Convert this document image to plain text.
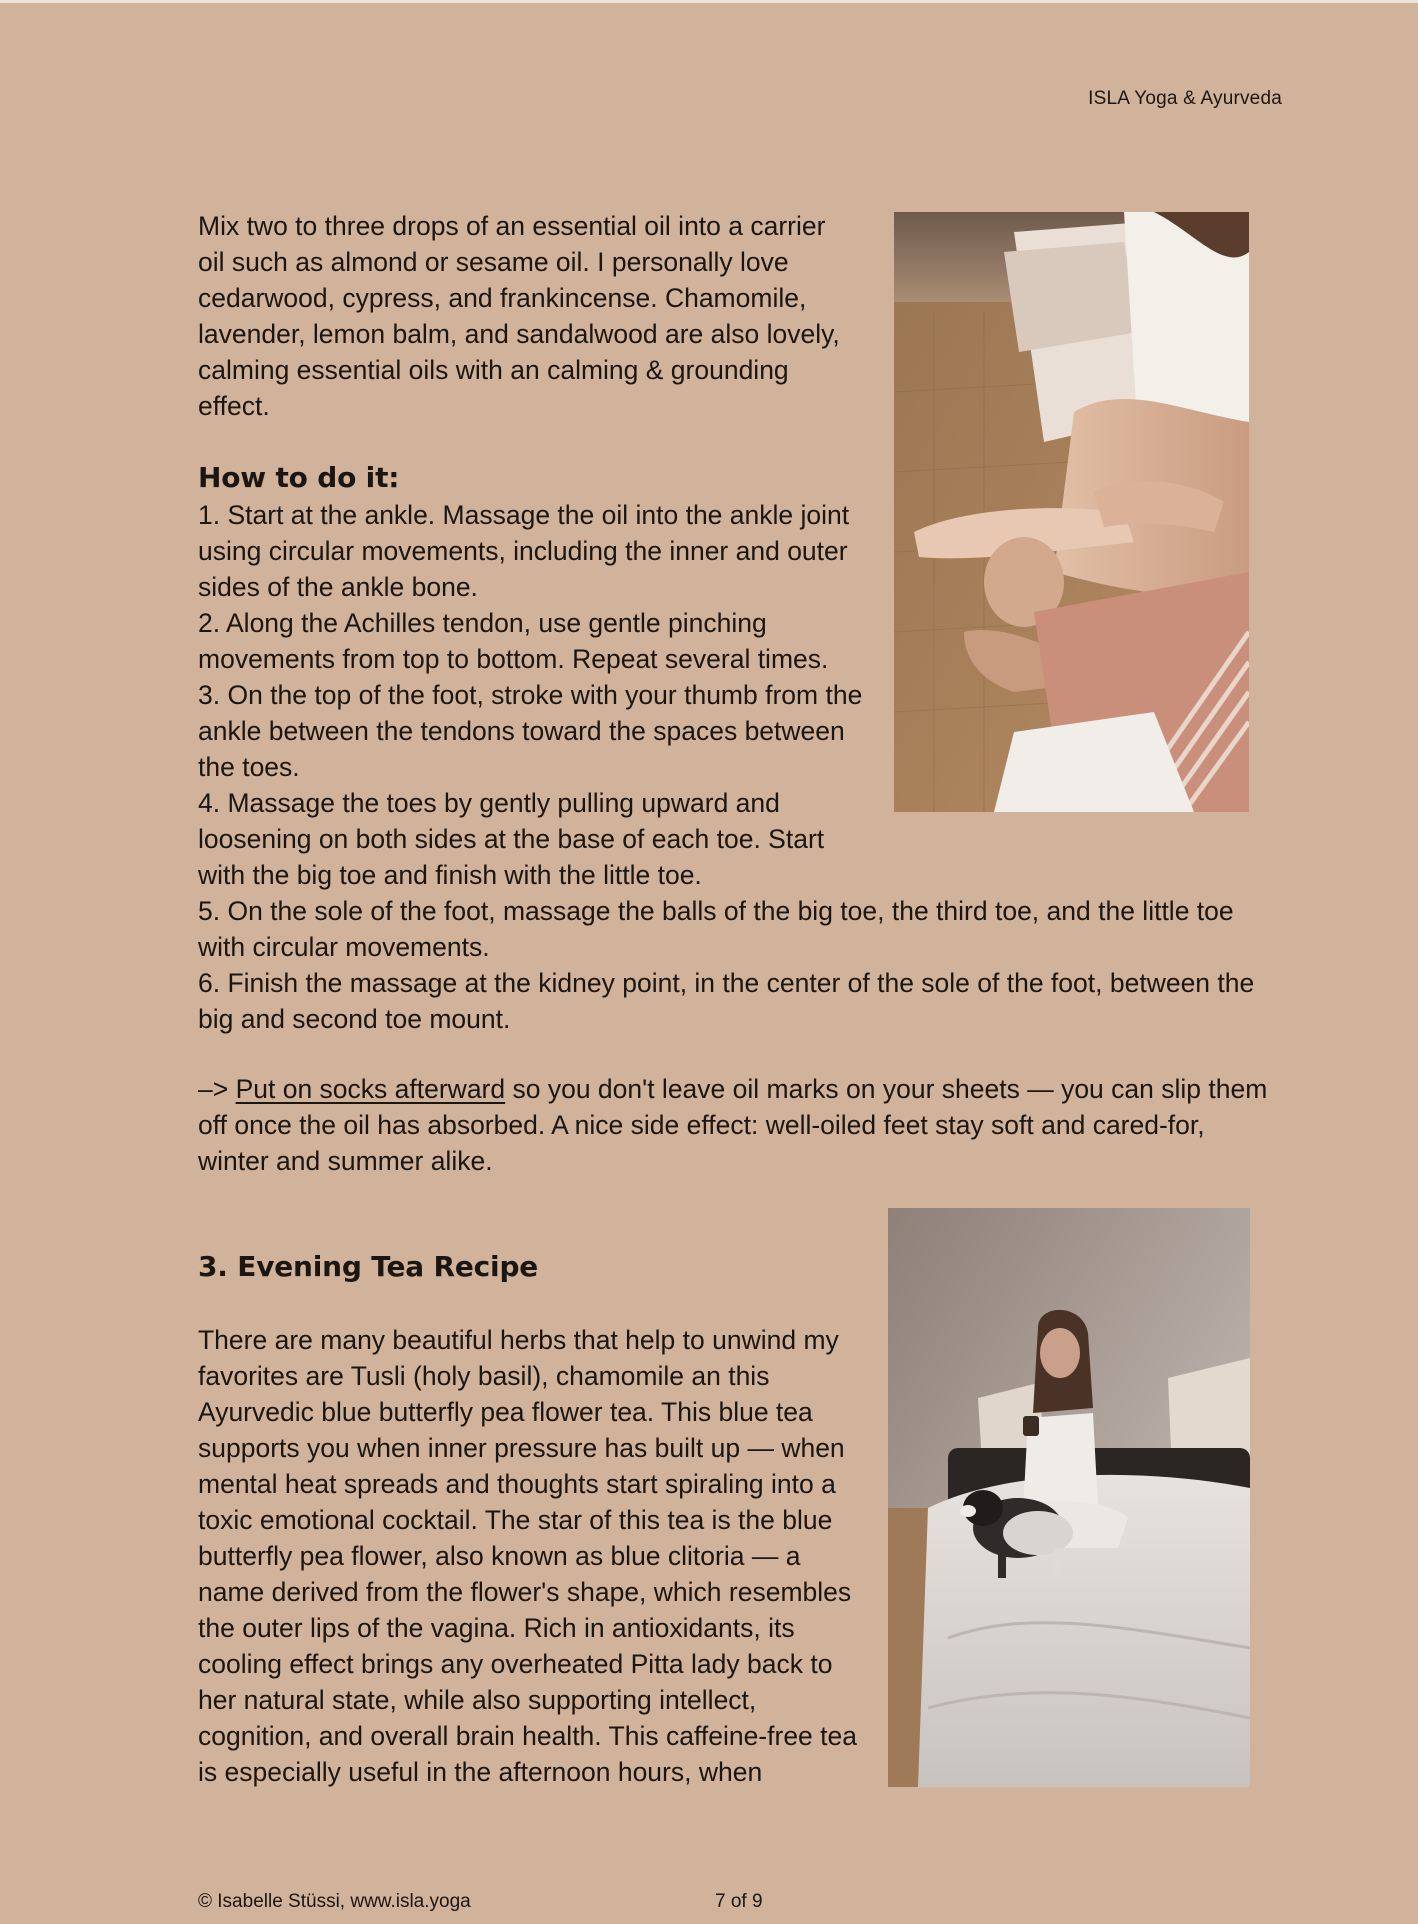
ISLA Yoga & Ayurveda

Mix two to three drops of an essential oil into a carrier oil such as almond or sesame oil. I personally love cedarwood, cypress, and frankincense. Chamomile, lavender, lemon balm, and sandalwood are also lovely, calming essential oils with an calming & grounding effect.

How to do it:
1. Start at the ankle. Massage the oil into the ankle joint using circular movements, including the inner and outer sides of the ankle bone.
2. Along the Achilles tendon, use gentle pinching movements from top to bottom. Repeat several times.
3. On the top of the foot, stroke with your thumb from the ankle between the tendons toward the spaces between the toes.
4. Massage the toes by gently pulling upward and loosening on both sides at the base of each toe. Start with the big toe and finish with the little toe.
5. On the sole of the foot, massage the balls of the big toe, the third toe, and the little toe with circular movements.
6. Finish the massage at the kidney point, in the center of the sole of the foot, between the big and second toe mount.

–> Put on socks afterward so you don't leave oil marks on your sheets — you can slip them off once the oil has absorbed. A nice side effect: well-oiled feet stay soft and cared-for, winter and summer alike.

3. Evening Tea Recipe

There are many beautiful herbs that help to unwind my favorites are Tusli (holy basil), chamomile an this Ayurvedic blue butterfly pea flower tea. This blue tea supports you when inner pressure has built up — when mental heat spreads and thoughts start spiraling into a toxic emotional cocktail. The star of this tea is the blue butterfly pea flower, also known as blue clitoria — a name derived from the flower's shape, which resembles the outer lips of the vagina. Rich in antioxidants, its cooling effect brings any overheated Pitta lady back to her natural state, while also supporting intellect, cognition, and overall brain health. This caffeine-free tea is especially useful in the afternoon hours, when

© Isabelle Stüssi, www.isla.yoga	7 of 9
